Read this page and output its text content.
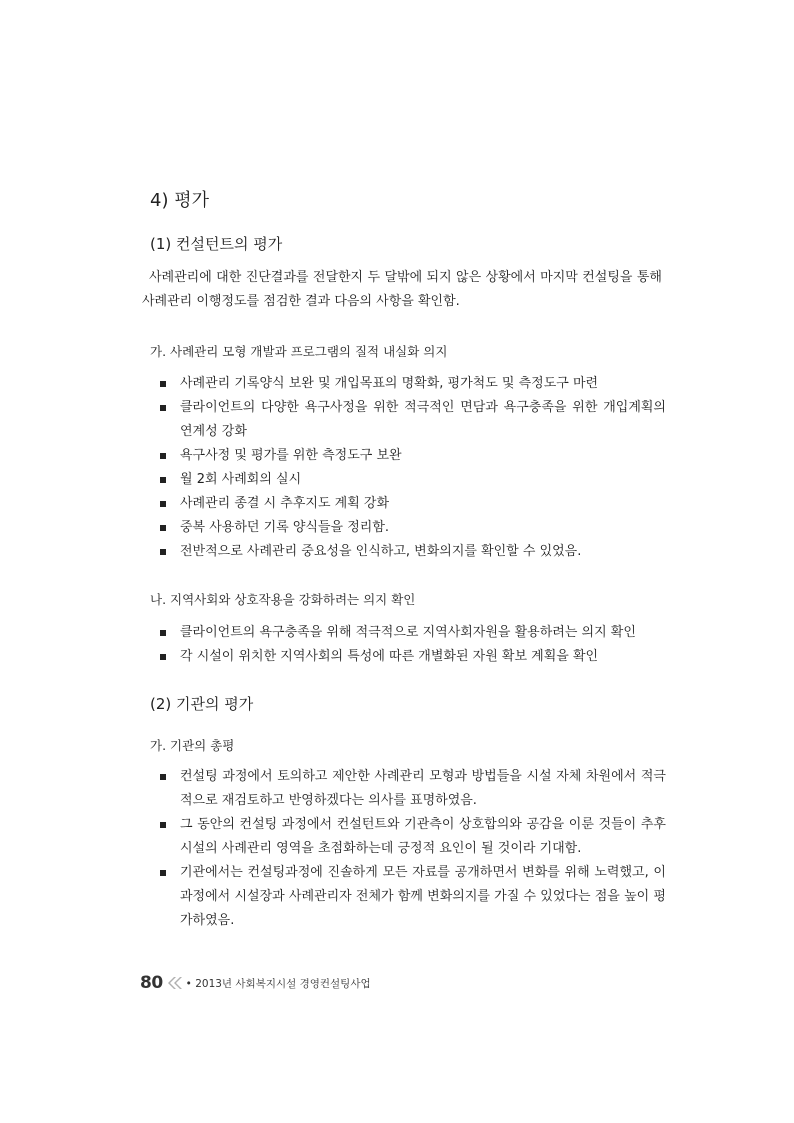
4) 평가
(1) 컨설턴트의 평가
사례관리에 대한 진단결과를 전달한지 두 달밖에 되지 않은 상황에서 마지막 컨설팅을 통해 사례관리 이행정도를 점검한 결과 다음의 사항을 확인함.
가. 사례관리 모형 개발과 프로그램의 질적 내실화 의지
사례관리 기록양식 보완 및 개입목표의 명확화, 평가척도 및 측정도구 마련
클라이언트의 다양한 욕구사정을 위한 적극적인 면담과 욕구충족을 위한 개입계획의 연계성 강화
욕구사정 및 평가를 위한 측정도구 보완
월 2회 사례회의 실시
사례관리 종결 시 추후지도 계획 강화
중복 사용하던 기록 양식들을 정리함.
전반적으로 사례관리 중요성을 인식하고, 변화의지를 확인할 수 있었음.
나. 지역사회와 상호작용을 강화하려는 의지 확인
클라이언트의 욕구충족을 위해 적극적으로 지역사회자원을 활용하려는 의지 확인
각 시설이 위치한 지역사회의 특성에 따른 개별화된 자원 확보 계획을 확인
(2) 기관의 평가
가. 기관의 총평
컨설팅 과정에서 토의하고 제안한 사례관리 모형과 방법들을 시설 자체 차원에서 적극적으로 재검토하고 반영하겠다는 의사를 표명하였음.
그 동안의 컨설팅 과정에서 컨설턴트와 기관측이 상호합의와 공감을 이룬 것들이 추후 시설의 사례관리 영역을 초점화하는데 긍정적 요인이 될 것이라 기대함.
기관에서는 컨설팅과정에 진솔하게 모든 자료를 공개하면서 변화를 위해 노력했고, 이 과정에서 시설장과 사례관리자 전체가 함께 변화의지를 가질 수 있었다는 점을 높이 평가하였음.
80 • 2013년 사회복지시설 경영컨설팅사업
